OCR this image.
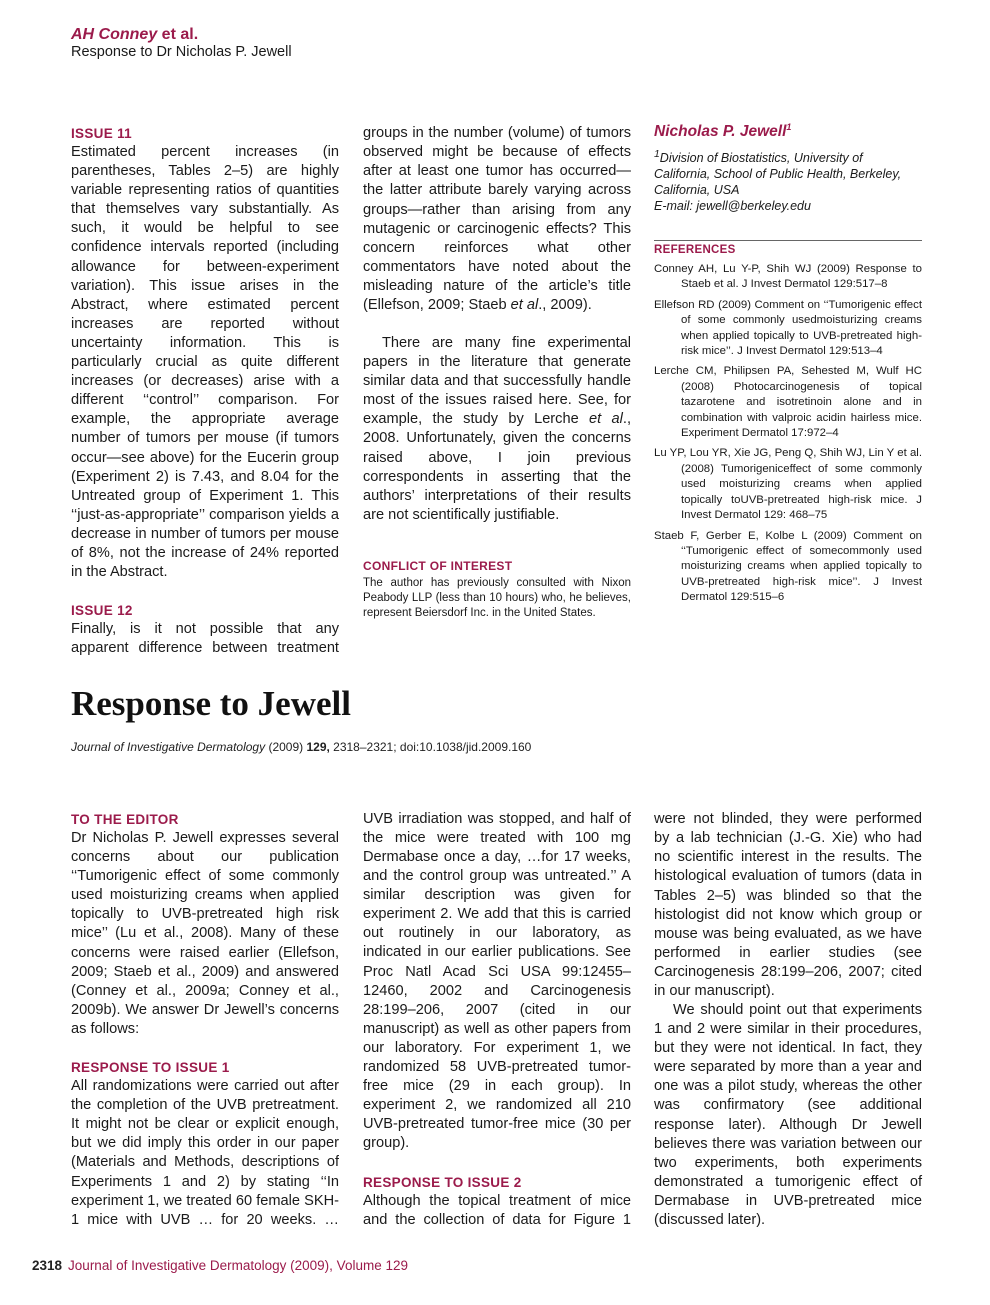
AH Conney et al.
Response to Dr Nicholas P. Jewell

ISSUE 11

Estimated percent increases (in parentheses, Tables 2–5) are highly variable representing ratios of quantities that themselves vary substantially. As such, it would be helpful to see confidence intervals reported (including allowance for between-experiment variation). This issue arises in the Abstract, where estimated percent increases are reported without uncertainty information. This is particularly crucial as quite different increases (or decreases) arise with a different ‘‘control’’ comparison. For example, the appropriate average number of tumors per mouse (if tumors occur—see above) for the Eucerin group (Experiment 2) is 7.43, and 8.04 for the Untreated group of Experiment 1. This ‘‘just-as-appropriate’’ comparison yields a decrease in number of tumors per mouse of 8%, not the increase of 24% reported in the Abstract.

ISSUE 12

Finally, is it not possible that any apparent difference between treatment

groups in the number (volume) of tumors observed might be because of effects after at least one tumor has occurred—the latter attribute barely varying across groups—rather than arising from any mutagenic or carcinogenic effects? This concern reinforces what other commentators have noted about the misleading nature of the article’s title (Ellefson, 2009; Staeb et al., 2009).

There are many fine experimental papers in the literature that generate similar data and that successfully handle most of the issues raised here. See, for example, the study by Lerche et al., 2008. Unfortunately, given the concerns raised above, I join previous correspondents in asserting that the authors’ interpretations of their results are not scientifically justifiable.

CONFLICT OF INTEREST

The author has previously consulted with Nixon Peabody LLP (less than 10 hours) who, he believes, represent Beiersdorf Inc. in the United States.

Nicholas P. Jewell$^1$
$^1$Division of Biostatistics, University of California, School of Public Health, Berkeley, California, USA
E-mail: jewell@berkeley.edu
REFERENCES

Conney AH, Lu Y-P, Shih WJ (2009) Response to Staeb et al. J Invest Dermatol 129:517–8

Ellefson RD (2009) Comment on ‘‘Tumorigenic effect of some commonly usedmoisturizing creams when applied topically to UVB-pretreated high-risk mice’’. J Invest Dermatol 129:513–4

Lerche CM, Philipsen PA, Sehested M, Wulf HC (2008) Photocarcinogenesis of topical tazarotene and isotretinoin alone and in combination with valproic acidin hairless mice. Experiment Dermatol 17:972–4

Lu YP, Lou YR, Xie JG, Peng Q, Shih WJ, Lin Y et al. (2008) Tumorigeniceffect of some commonly used moisturizing creams when applied topically toUVB-pretreated high-risk mice. J Invest Dermatol 129: 468–75

Staeb F, Gerber E, Kolbe L (2009) Comment on ‘‘Tumorigenic effect of somecommonly used moisturizing creams when applied topically to UVB-pretreated high-risk mice’’. J Invest Dermatol 129:515–6

Response to Jewell
Journal of Investigative Dermatology (2009) 129, 2318–2321; doi:10.1038/jid.2009.160

TO THE EDITOR

Dr Nicholas P. Jewell expresses several concerns about our publication ‘‘Tumorigenic effect of some commonly used moisturizing creams when applied topically to UVB-pretreated high risk mice’’ (Lu et al., 2008). Many of these concerns were raised earlier (Ellefson, 2009; Staeb et al., 2009) and answered (Conney et al., 2009a; Conney et al., 2009b). We answer Dr Jewell’s concerns as follows:

RESPONSE TO ISSUE 1

All randomizations were carried out after the completion of the UVB pretreatment. It might not be clear or explicit enough, but we did imply this order in our paper (Materials and Methods, descriptions of Experiments 1 and 2) by stating ‘‘In experiment 1, we treated 60 female SKH-1 mice with UVB … for 20 weeks. …

UVB irradiation was stopped, and half of the mice were treated with 100 mg Dermabase once a day, …for 17 weeks, and the control group was untreated.’’ A similar description was given for experiment 2. We add that this is carried out routinely in our laboratory, as indicated in our earlier publications. See Proc Natl Acad Sci USA 99:12455–12460, 2002 and Carcinogenesis 28:199–206, 2007 (cited in our manuscript) as well as other papers from our laboratory. For experiment 1, we randomized 58 UVB-pretreated tumor-free mice (29 in each group). In experiment 2, we randomized all 210 UVB-pretreated tumor-free mice (30 per group).

RESPONSE TO ISSUE 2

Although the topical treatment of mice and the collection of data for Figure 1

were not blinded, they were performed by a lab technician (J.-G. Xie) who had no scientific interest in the results. The histological evaluation of tumors (data in Tables 2–5) was blinded so that the histologist did not know which group or mouse was being evaluated, as we have performed in earlier studies (see Carcinogenesis 28:199–206, 2007; cited in our manuscript).

We should point out that experiments 1 and 2 were similar in their procedures, but they were not identical. In fact, they were separated by more than a year and one was a pilot study, whereas the other was confirmatory (see additional response later). Although Dr Jewell believes there was variation between our two experiments, both experiments demonstrated a tumorigenic effect of Dermabase in UVB-pretreated mice (discussed later).

2318 Journal of Investigative Dermatology (2009), Volume 129
